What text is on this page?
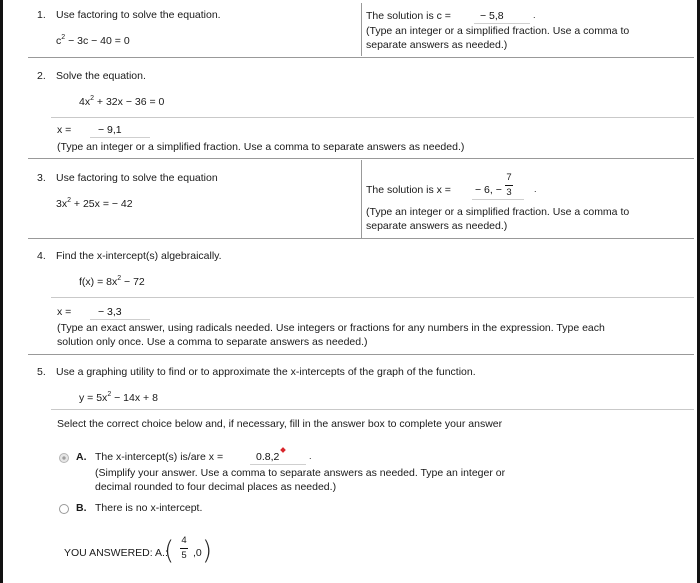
1. Use factoring to solve the equation.
$c^2 - 3c - 40 = 0$
The solution is c =	− 5,8	.
(Type an integer or a simplified fraction. Use a comma to
separate answers as needed.)
2. Solve the equation.
$4x^2 + 32x - 36 = 0$
x =	− 9,1
(Type an integer or a simplified fraction. Use a comma to separate answers as needed.)
3. Use factoring to solve the equation
$3x^2 + 25x$ = − 42
The solution is x = − 6, −
7
3 .
(Type an integer or a simplified fraction. Use a comma to
separate answers as needed.)
4. Find the x-intercept(s) algebraically.
$f(x) = 8x^2 - 72$
x =	− 3,3
(Type an exact answer, using radicals needed. Use integers or fractions for any numbers in the expression. Type each
solution only once. Use a comma to separate answers as needed.)
5. Use a graphing utility to find or to approximate the x-intercepts of the graph of the function.
$y = 5x^2 - 14x + 8$
Select the correct choice below and, if necessary, fill in the answer box to complete your answer
A. The x-intercept(s) is/are x =	0.8,2	.
(Simplify your answer. Use a comma to separate answers as needed. Type an integer or
decimal rounded to four decimal places as needed.)
B. There is no x-intercept.
YOU ANSWERED: A.:
( 4
5 ,0 )
